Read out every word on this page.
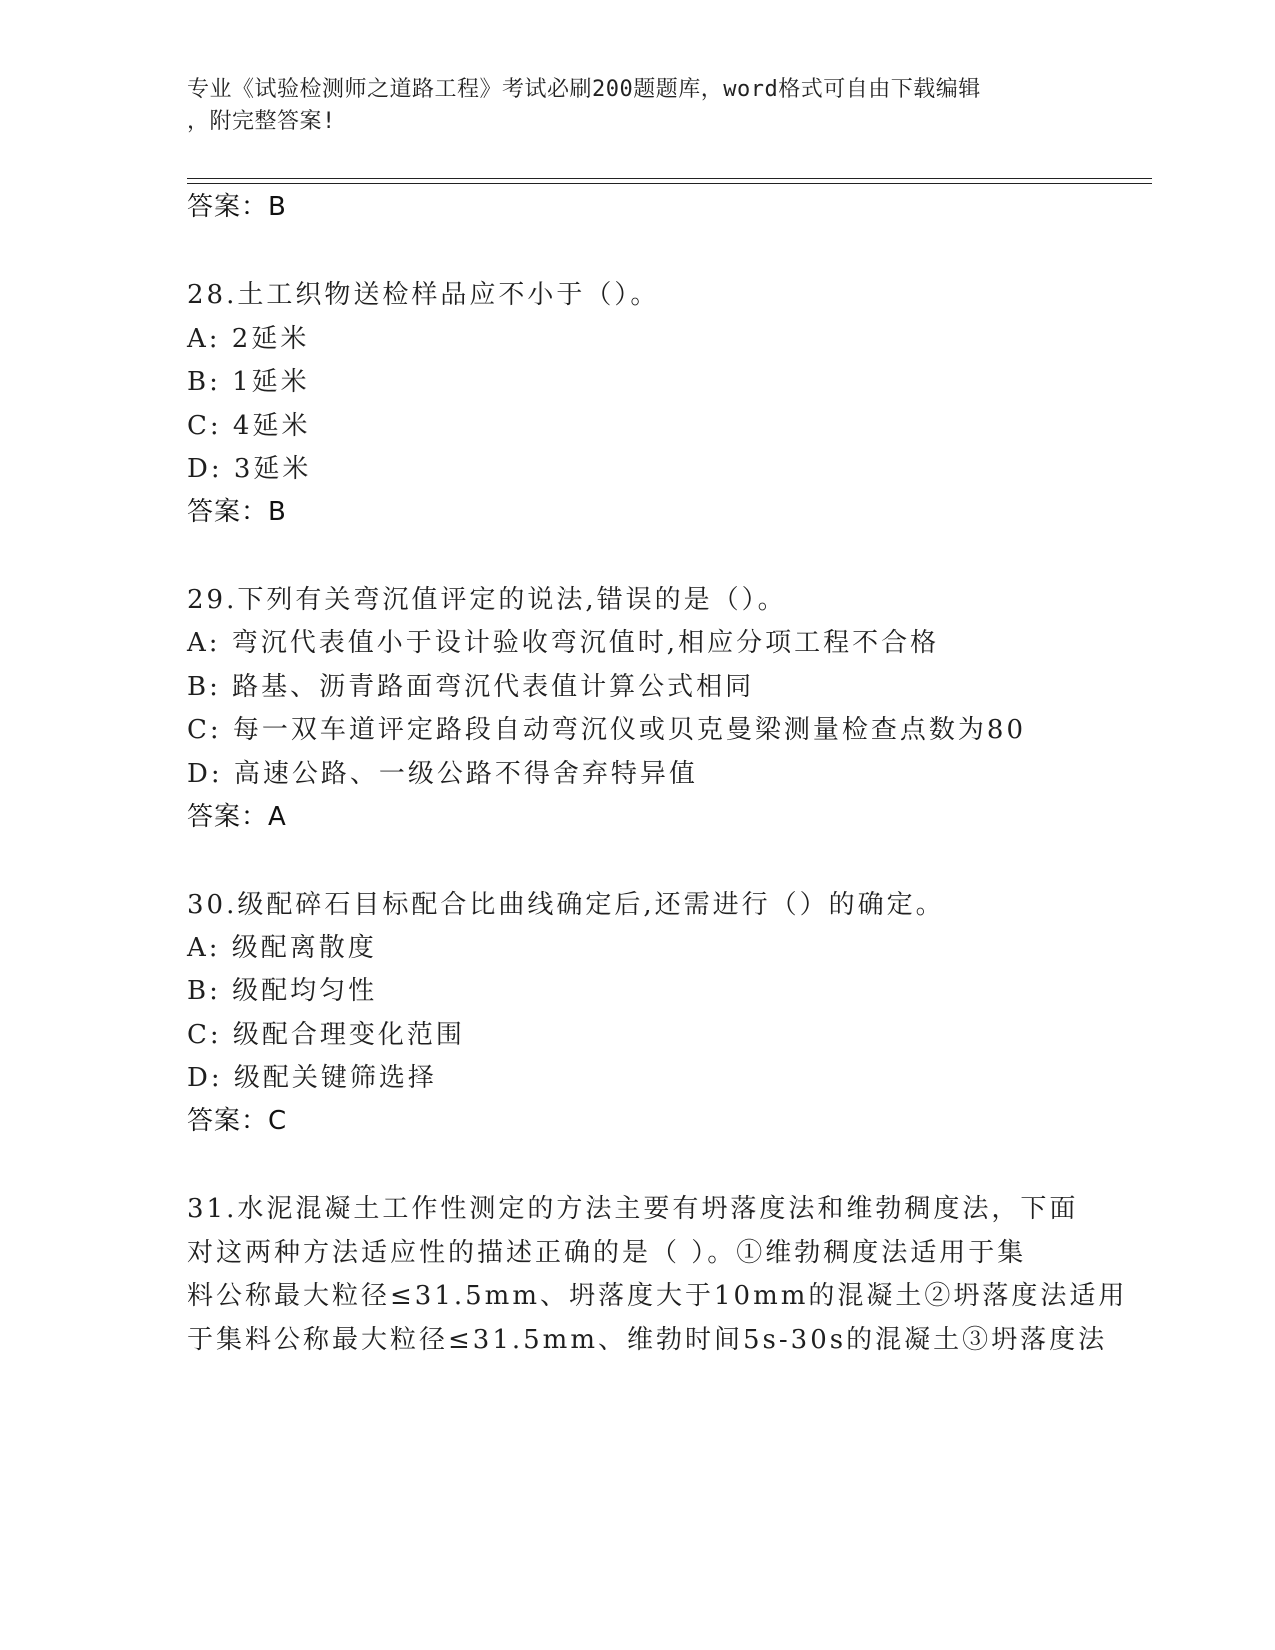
专业《试验检测师之道路工程》考试必刷200题题库，word格式可自由下载编辑
，附完整答案!
答案：B
28.土工织物送检样品应不小于（）。
A: 2延米
B: 1延米
C: 4延米
D: 3延米
答案：B
29.下列有关弯沉值评定的说法,错误的是（）。
A: 弯沉代表值小于设计验收弯沉值时,相应分项工程不合格
B: 路基、沥青路面弯沉代表值计算公式相同
C: 每一双车道评定路段自动弯沉仪或贝克曼梁测量检查点数为80
D: 高速公路、一级公路不得舍弃特异值
答案：A
30.级配碎石目标配合比曲线确定后,还需进行（）的确定。
A: 级配离散度
B: 级配均匀性
C: 级配合理变化范围
D: 级配关键筛选择
答案：C
31.水泥混凝土工作性测定的方法主要有坍落度法和维勃稠度法，下面
对这两种方法适应性的描述正确的是（ ）。①维勃稠度法适用于集
料公称最大粒径≤31.5mm、坍落度大于10mm的混凝土②坍落度法适用
于集料公称最大粒径≤31.5mm、维勃时间5s-30s的混凝土③坍落度法
